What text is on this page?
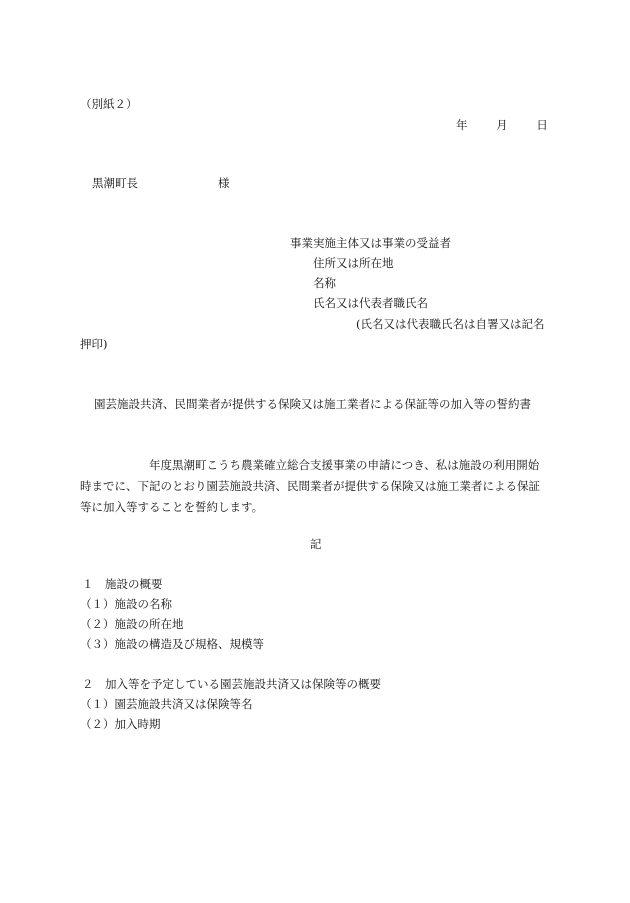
（別紙２）
年 月 日
黒潮町長	様
事業実施主体又は事業の受益者
住所又は所在地
名称
氏名又は代表者職氏名
(氏名又は代表職氏名は自署又は記名
押印)
園芸施設共済、民間業者が提供する保険又は施工業者による保証等の加入等の誓約書
　　　　　　年度黒潮町こうち農業確立総合支援事業の申請につき、私は施設の利用開始
時までに、下記のとおり園芸施設共済、民間業者が提供する保険又は施工業者による保証
等に加入等することを誓約します。
記
１　施設の概要
（１）施設の名称
（２）施設の所在地
（３）施設の構造及び規格、規模等
２　加入等を予定している園芸施設共済又は保険等の概要
（１）園芸施設共済又は保険等名
（２）加入時期
